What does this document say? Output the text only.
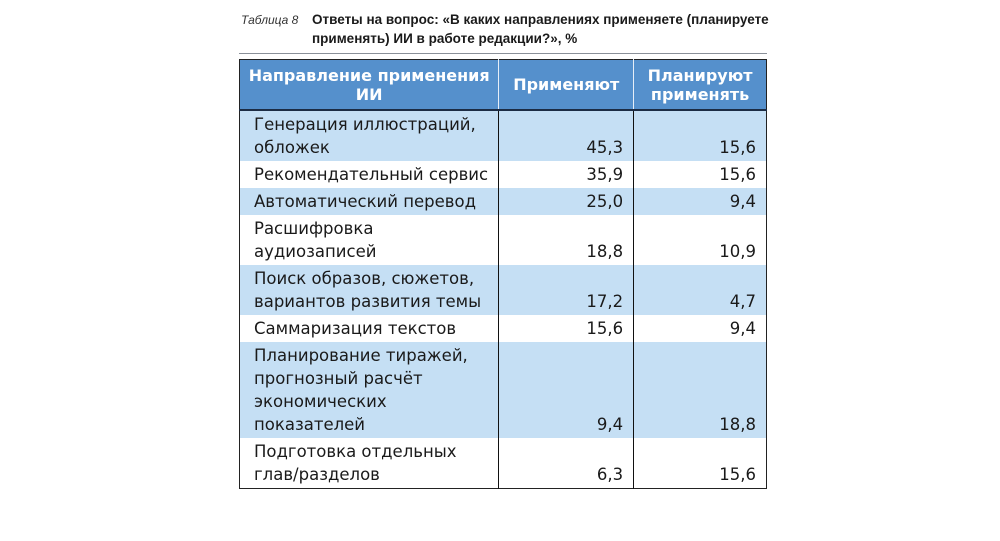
Таблица 8 Ответы на вопрос: «В каких направлениях применяете (планируете применять) ИИ в работе редакции?», %
Направление применения ИИ	Применяют	Планируют применять
Генерация иллюстраций, обложек	45,3	15,6
Рекомендательный сервис	35,9	15,6
Автоматический перевод	25,0	9,4
Расшифровка аудиозаписей	18,8	10,9
Поиск образов, сюжетов, вариантов развития темы	17,2	4,7
Саммаризация текстов	15,6	9,4
Планирование тиражей, прогнозный расчёт экономических показателей	9,4	18,8
Подготовка отдельных глав/разделов	6,3	15,6
